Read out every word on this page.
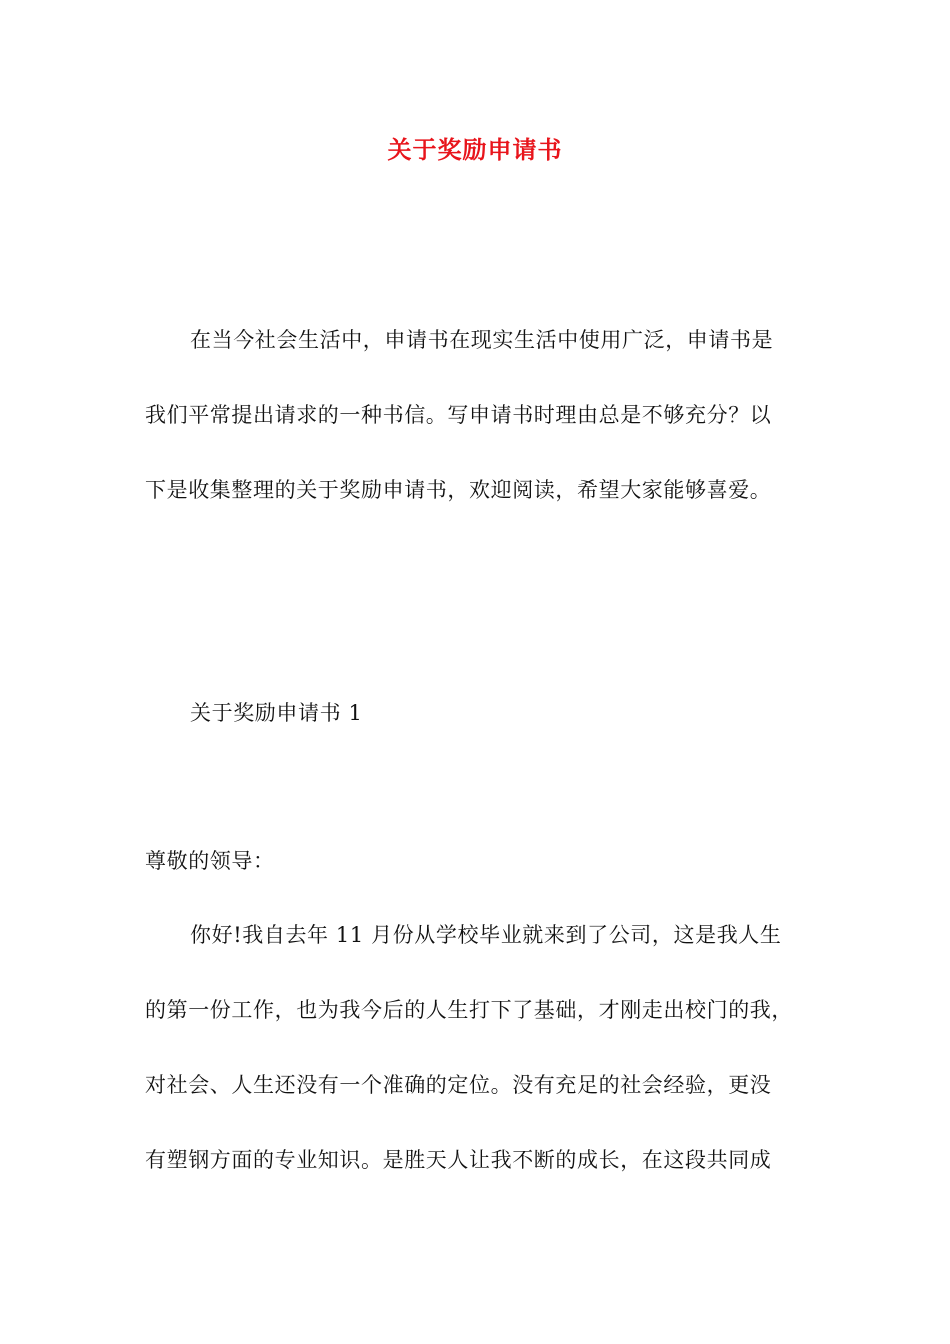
关于奖励申请书
在当今社会生活中，申请书在现实生活中使用广泛，申请书是
我们平常提出请求的一种书信。写申请书时理由总是不够充分？以
下是收集整理的关于奖励申请书，欢迎阅读，希望大家能够喜爱。
关于奖励申请书 1
尊敬的领导：
你好!我自去年 11 月份从学校毕业就来到了公司，这是我人生
的第一份工作，也为我今后的人生打下了基础，才刚走出校门的我，
对社会、人生还没有一个准确的定位。没有充足的社会经验，更没
有塑钢方面的专业知识。是胜天人让我不断的成长，在这段共同成
